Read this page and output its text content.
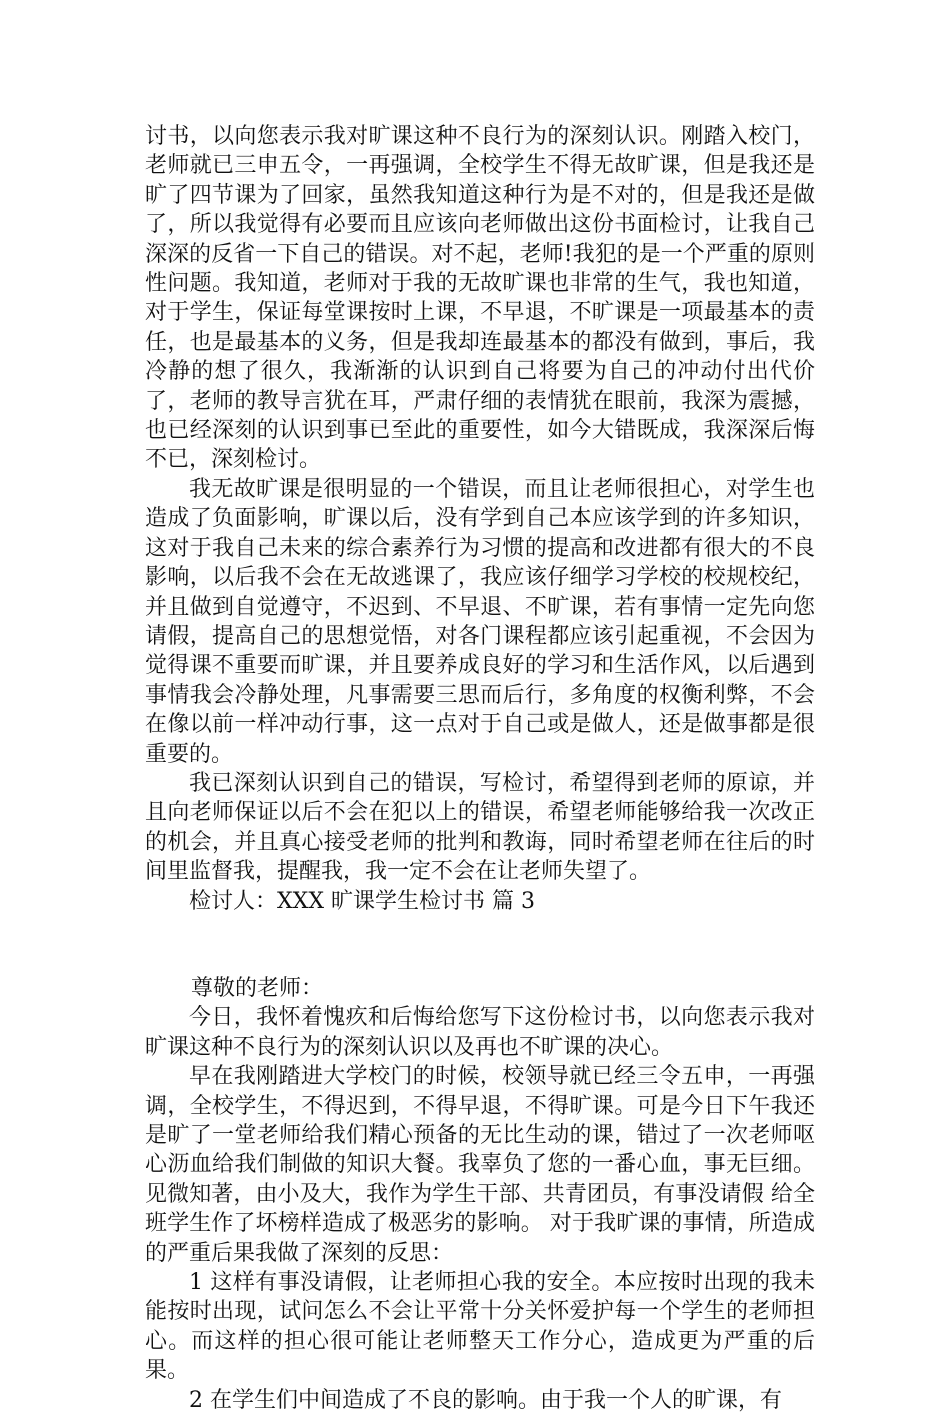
讨书，以向您表示我对旷课这种不良行为的深刻认识。刚踏入校门，老师就已三申五令，一再强调，全校学生不得无故旷课，但是我还是旷了四节课为了回家，虽然我知道这种行为是不对的，但是我还是做了，所以我觉得有必要而且应该向老师做出这份书面检讨，让我自己深深的反省一下自己的错误。对不起，老师!我犯的是一个严重的原则性问题。我知道，老师对于我的无故旷课也非常的生气，我也知道，对于学生，保证每堂课按时上课，不早退，不旷课是一项最基本的责任，也是最基本的义务，但是我却连最基本的都没有做到，事后，我冷静的想了很久，我渐渐的认识到自己将要为自己的冲动付出代价了，老师的教导言犹在耳，严肃仔细的表情犹在眼前，我深为震撼，也已经深刻的认识到事已至此的重要性，如今大错既成，我深深后悔不已，深刻检讨。

我无故旷课是很明显的一个错误，而且让老师很担心，对学生也造成了负面影响，旷课以后，没有学到自己本应该学到的许多知识，这对于我自己未来的综合素养行为习惯的提高和改进都有很大的不良影响，以后我不会在无故逃课了，我应该仔细学习学校的校规校纪，并且做到自觉遵守，不迟到、不早退、不旷课，若有事情一定先向您请假，提高自己的思想觉悟，对各门课程都应该引起重视，不会因为觉得课不重要而旷课，并且要养成良好的学习和生活作风，以后遇到事情我会冷静处理，凡事需要三思而后行，多角度的权衡利弊，不会在像以前一样冲动行事，这一点对于自己或是做人，还是做事都是很重要的。

我已深刻认识到自己的错误，写检讨，希望得到老师的原谅，并且向老师保证以后不会在犯以上的错误，希望老师能够给我一次改正的机会，并且真心接受老师的批判和教诲，同时希望老师在往后的时间里监督我，提醒我，我一定不会在让老师失望了。

检讨人：XXX 旷课学生检讨书 篇 3

尊敬的老师：

今日，我怀着愧疚和后悔给您写下这份检讨书，以向您表示我对旷课这种不良行为的深刻认识以及再也不旷课的决心。

早在我刚踏进大学校门的时候，校领导就已经三令五申，一再强调，全校学生，不得迟到，不得早退，不得旷课。可是今日下午我还是旷了一堂老师给我们精心预备的无比生动的课，错过了一次老师呕心沥血给我们制做的知识大餐。我辜负了您的一番心血，事无巨细。见微知著，由小及大，我作为学生干部、共青团员，有事没请假 给全班学生作了坏榜样造成了极恶劣的影响。 对于我旷课的事情，所造成的严重后果我做了深刻的反思：

1 这样有事没请假，让老师担心我的安全。本应按时出现的我未能按时出现，试问怎么不会让平常十分关怀爱护每一个学生的老师担心。而这样的担心很可能让老师整天工作分心，造成更为严重的后果。

2 在学生们中间造成了不良的影响。由于我一个人的旷课，有
